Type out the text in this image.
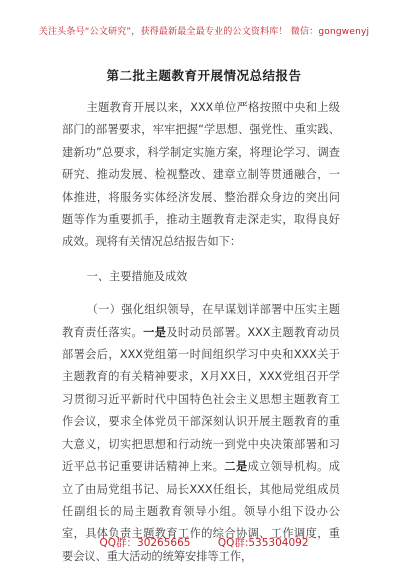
关注头条号“公文研究”，获得最新最全最专业的公文资料库！ 微信：gongwenyj
第二批主题教育开展情况总结报告

主题教育开展以来，XXX单位严格按照中央和上级部门的部署要求，牢牢把握“学思想、强党性、重实践、建新功”总要求，科学制定实施方案，将理论学习、调查研究、推动发展、检视整改、建章立制等贯通融合，一体推进，将服务实体经济发展、整治群众身边的突出问题等作为重要抓手，推动主题教育走深走实，取得良好成效。现将有关情况总结报告如下：

一、主要措施及成效

（一）强化组织领导，在早谋划详部署中压实主题教育责任落实。一是及时动员部署。XXX主题教育动员部署会后，XXX党组第一时间组织学习中央和XXX关于主题教育的有关精神要求，X月XX日，XXX党组召开学习贯彻习近平新时代中国特色社会主义思想主题教育工作会议，要求全体党员干部深刻认识开展主题教育的重大意义，切实把思想和行动统一到党中央决策部署和习近平总书记重要讲话精神上来。二是成立领导机构。成立了由局党组书记、局长XXX任组长，其他局党组成员任副组长的局主题教育领导小组。领导小组下设办公室，具体负责主题教育工作的综合协调、工作调度，重要会议、重大活动的统筹安排等工作，

QQ群：30265665	QQ群:535304092
